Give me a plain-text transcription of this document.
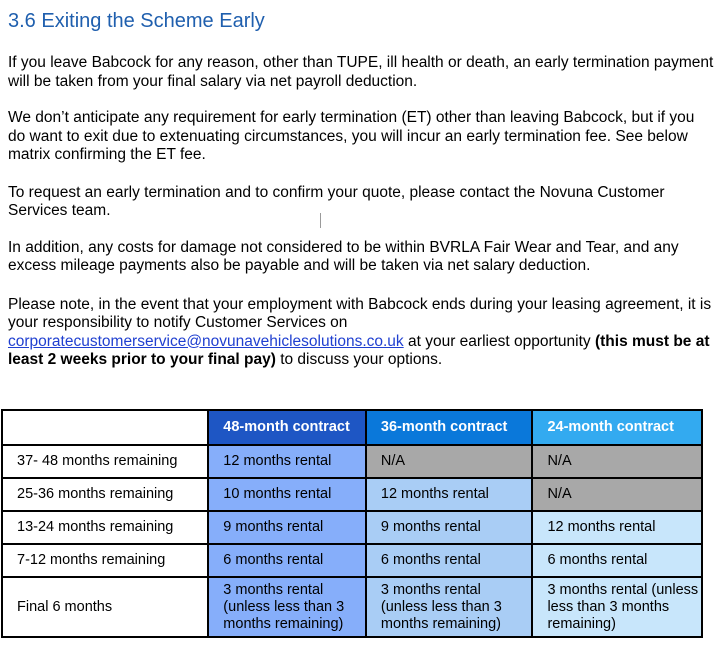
3.6 Exiting the Scheme Early

If you leave Babcock for any reason, other than TUPE, ill health or death, an early termination payment will be taken from your final salary via net payroll deduction.

We don’t anticipate any requirement for early termination (ET) other than leaving Babcock, but if you do want to exit due to extenuating circumstances, you will incur an early termination fee. See below matrix confirming the ET fee.

To request an early termination and to confirm your quote, please contact the Novuna Customer Services team.

In addition, any costs for damage not considered to be within BVRLA Fair Wear and Tear, and any excess mileage payments also be payable and will be taken via net salary deduction.

Please note, in the event that your employment with Babcock ends during your leasing agreement, it is your responsibility to notify Customer Services on corporatecustomerservice@novunavehiclesolutions.co.uk at your earliest opportunity (this must be at least 2 weeks prior to your final pay) to discuss your options.

	48-month contract	36-month contract	24-month contract
37- 48 months remaining	12 months rental	N/A	N/A
25-36 months remaining	10 months rental	12 months rental	N/A
13-24 months remaining	9 months rental	9 months rental	12 months rental
7-12 months remaining	6 months rental	6 months rental	6 months rental
Final 6 months	3 months rental (unless less than 3 months remaining)	3 months rental (unless less than 3 months remaining)	3 months rental (unless less than 3 months remaining)
